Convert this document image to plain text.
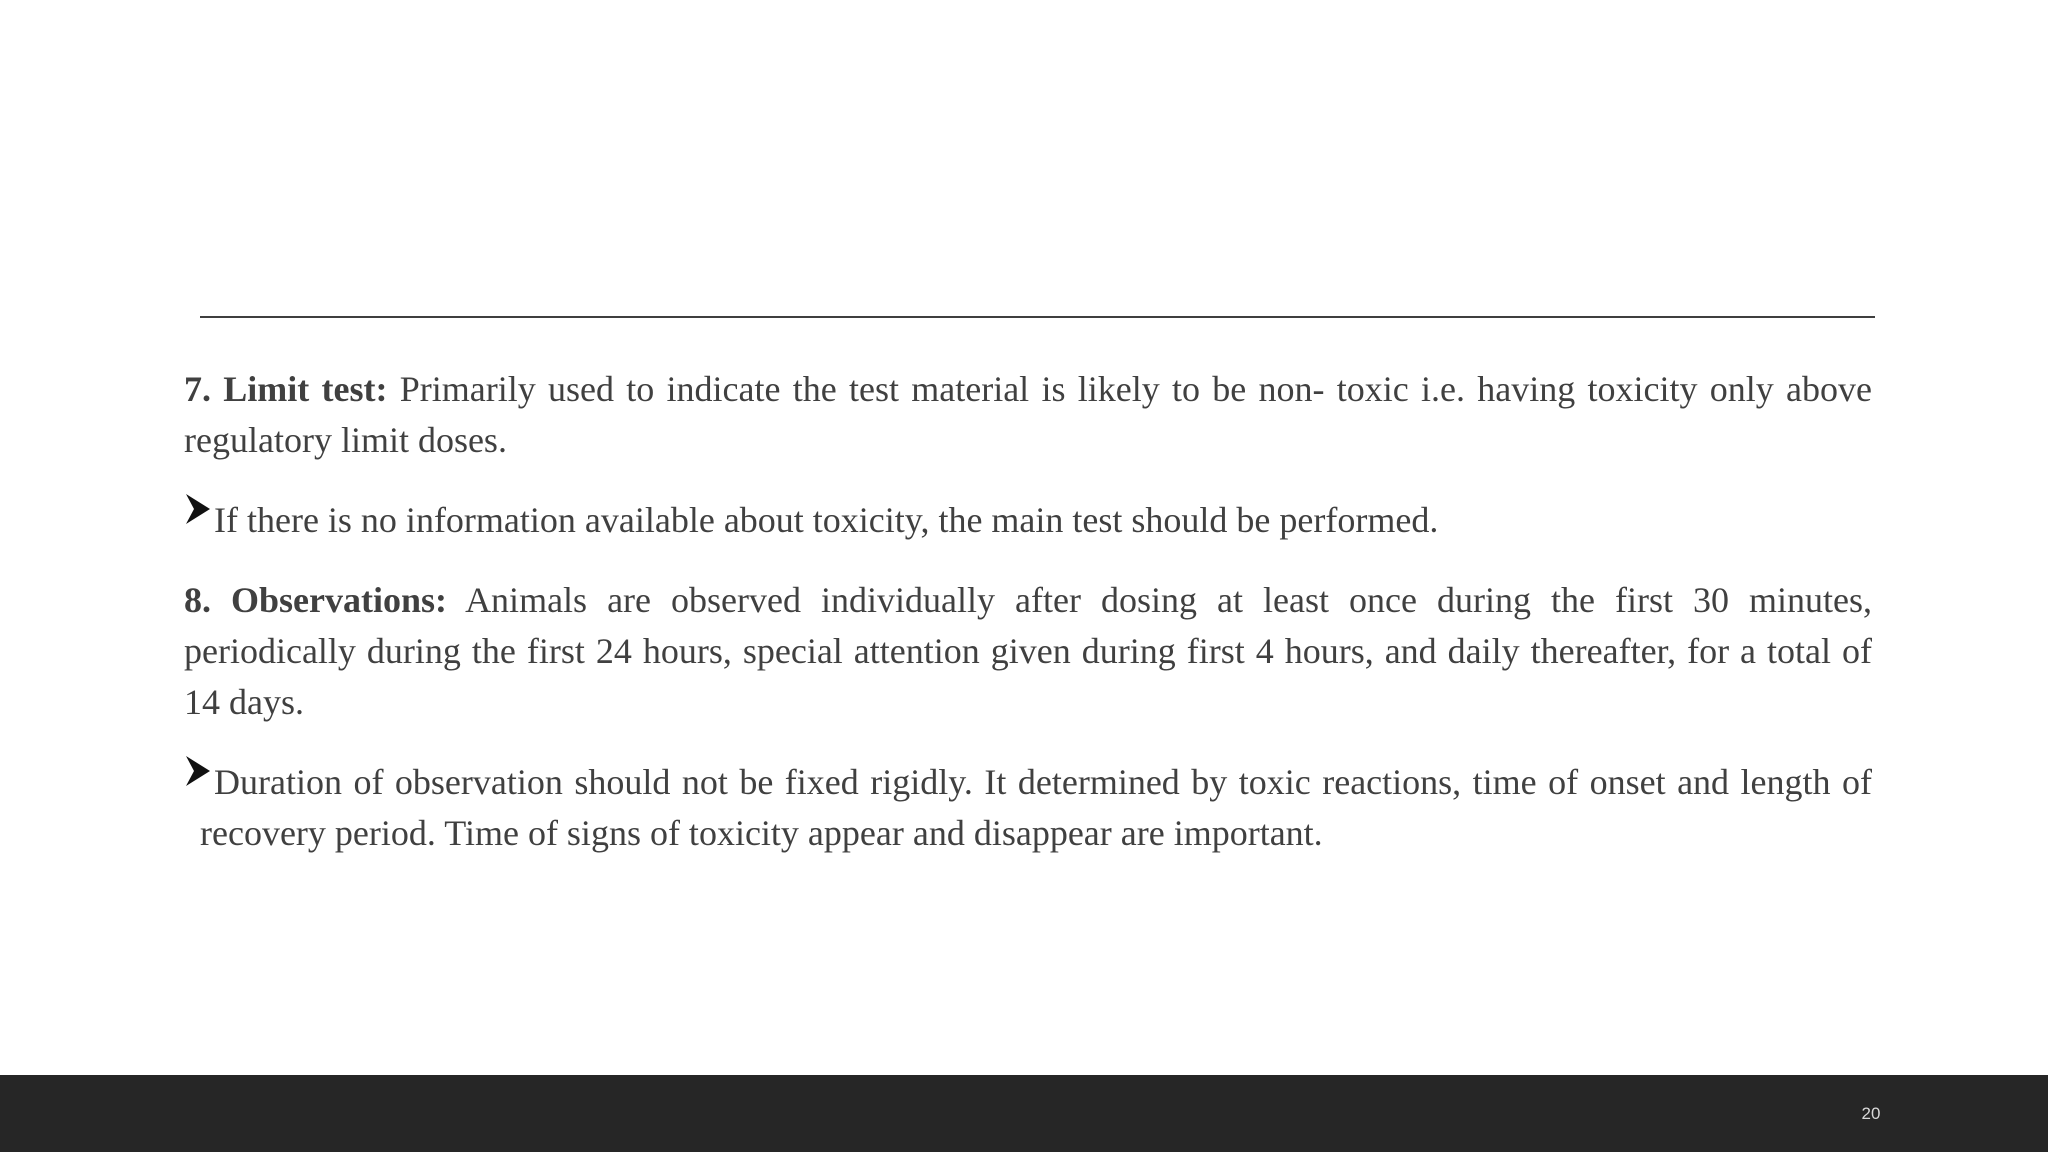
7. Limit test: Primarily used to indicate the test material is likely to be non- toxic i.e. having toxicity only above regulatory limit doses.

If there is no information available about toxicity, the main test should be performed.

8. Observations: Animals are observed individually after dosing at least once during the first 30 minutes, periodically during the first 24 hours, special attention given during first 4 hours, and daily thereafter, for a total of 14 days.

Duration of observation should not be fixed rigidly. It determined by toxic reactions, time of onset and length of recovery period. Time of signs of toxicity appear and disappear are important.
20
